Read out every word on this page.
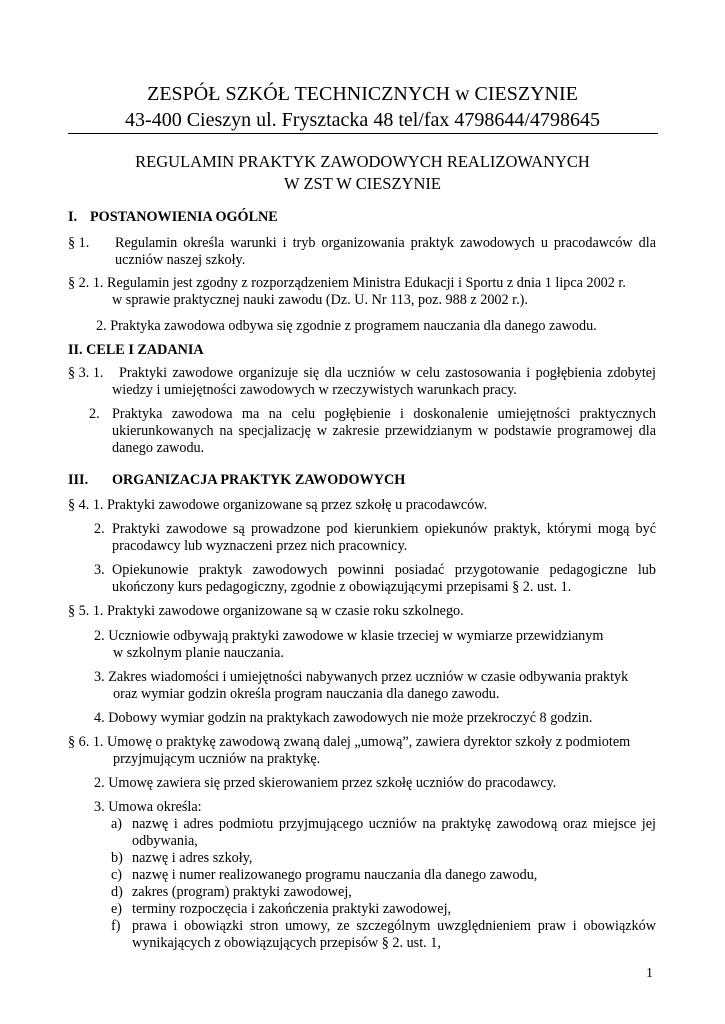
ZESPÓŁ SZKÓŁ TECHNICZNYCH w CIESZYNIE
43-400 Cieszyn ul. Frysztacka 48 tel/fax 4798644/4798645
REGULAMIN PRAKTYK ZAWODOWYCH REALIZOWANYCH
W ZST W CIESZYNIE
I. POSTANOWIENIA OGÓLNE
§ 1. Regulamin określa warunki i tryb organizowania praktyk zawodowych u pracodawców dla
uczniów naszej szkoły.
§ 2. 1. Regulamin jest zgodny z rozporządzeniem Ministra Edukacji i Sportu z dnia 1 lipca 2002 r.
w sprawie praktycznej nauki zawodu (Dz. U. Nr 113, poz. 988 z 2002 r.).
2. Praktyka zawodowa odbywa się zgodnie z programem nauczania dla danego zawodu.
II. CELE I ZADANIA
§ 3. 1. Praktyki zawodowe organizuje się dla uczniów w celu zastosowania i pogłębienia zdobytej
wiedzy i umiejętności zawodowych w rzeczywistych warunkach pracy.
2. Praktyka zawodowa ma na celu pogłębienie i doskonalenie umiejętności praktycznych
ukierunkowanych na specjalizację w zakresie przewidzianym w podstawie programowej dla
danego zawodu.
III. ORGANIZACJA PRAKTYK ZAWODOWYCH
§ 4. 1. Praktyki zawodowe organizowane są przez szkołę u pracodawców.
2. Praktyki zawodowe są prowadzone pod kierunkiem opiekunów praktyk, którymi mogą być
pracodawcy lub wyznaczeni przez nich pracownicy.
3. Opiekunowie praktyk zawodowych powinni posiadać przygotowanie pedagogiczne lub
ukończony kurs pedagogiczny, zgodnie z obowiązującymi przepisami § 2. ust. 1.
§ 5. 1. Praktyki zawodowe organizowane są w czasie roku szkolnego.
2. Uczniowie odbywają praktyki zawodowe w klasie trzeciej w wymiarze przewidzianym
w szkolnym planie nauczania.
3. Zakres wiadomości i umiejętności nabywanych przez uczniów w czasie odbywania praktyk
oraz wymiar godzin określa program nauczania dla danego zawodu.
4. Dobowy wymiar godzin na praktykach zawodowych nie może przekroczyć 8 godzin.
§ 6. 1. Umowę o praktykę zawodową zwaną dalej „umową”, zawiera dyrektor szkoły z podmiotem
przyjmującym uczniów na praktykę.
2. Umowę zawiera się przed skierowaniem przez szkołę uczniów do pracodawcy.
3. Umowa określa:
a) nazwę i adres podmiotu przyjmującego uczniów na praktykę zawodową oraz miejsce jej
odbywania,
b) nazwę i adres szkoły,
c) nazwę i numer realizowanego programu nauczania dla danego zawodu,
d) zakres (program) praktyki zawodowej,
e) terminy rozpoczęcia i zakończenia praktyki zawodowej,
f) prawa i obowiązki stron umowy, ze szczególnym uwzględnieniem praw i obowiązków
wynikających z obowiązujących przepisów § 2. ust. 1,
1
